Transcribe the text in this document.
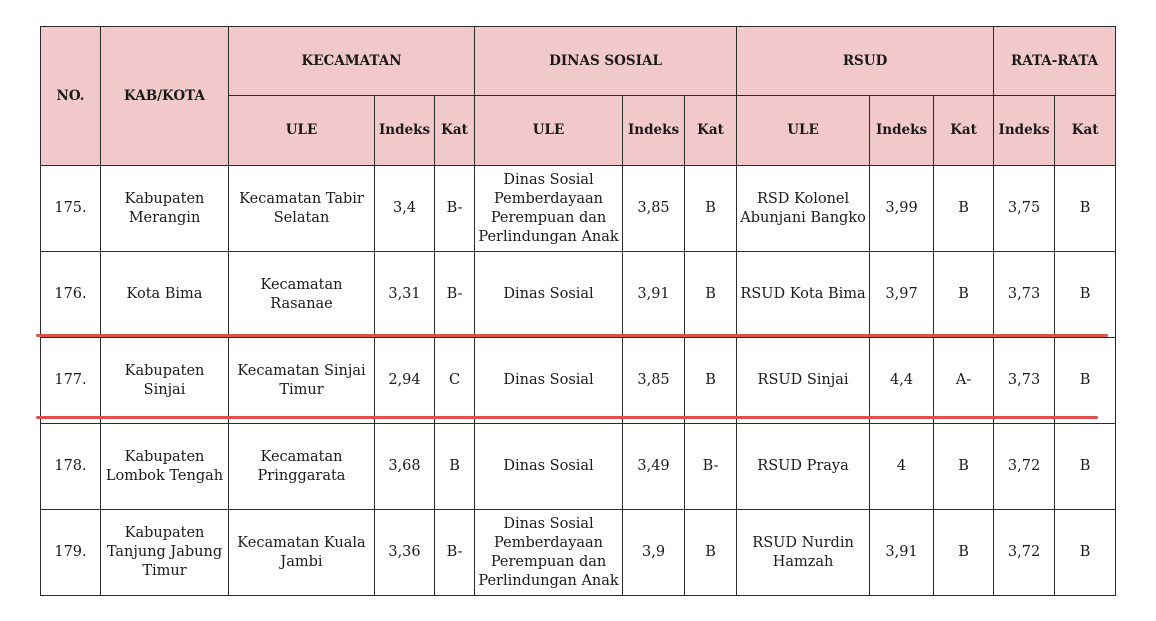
NO.	KAB/KOTA	KECAMATAN			DINAS SOSIAL			RSUD			RATA-RATA	
		ULE	Indeks	Kat	ULE	Indeks	Kat	ULE	Indeks	Kat	Indeks	Kat
175.	Kabupaten Merangin	Kecamatan Tabir Selatan	3,4	B-	Dinas Sosial Pemberdayaan Perempuan dan Perlindungan Anak	3,85	B	RSD Kolonel Abunjani Bangko	3,99	B	3,75	B
176.	Kota Bima	Kecamatan Rasanae	3,31	B-	Dinas Sosial	3,91	B	RSUD Kota Bima	3,97	B	3,73	B
177.	Kabupaten Sinjai	Kecamatan Sinjai Timur	2,94	C	Dinas Sosial	3,85	B	RSUD Sinjai	4,4	A-	3,73	B
178.	Kabupaten Lombok Tengah	Kecamatan Pringgarata	3,68	B	Dinas Sosial	3,49	B-	RSUD Praya	4	B	3,72	B
179.	Kabupaten Tanjung Jabung Timur	Kecamatan Kuala Jambi	3,36	B-	Dinas Sosial Pemberdayaan Perempuan dan Perlindungan Anak	3,9	B	RSUD Nurdin Hamzah	3,91	B	3,72	B
